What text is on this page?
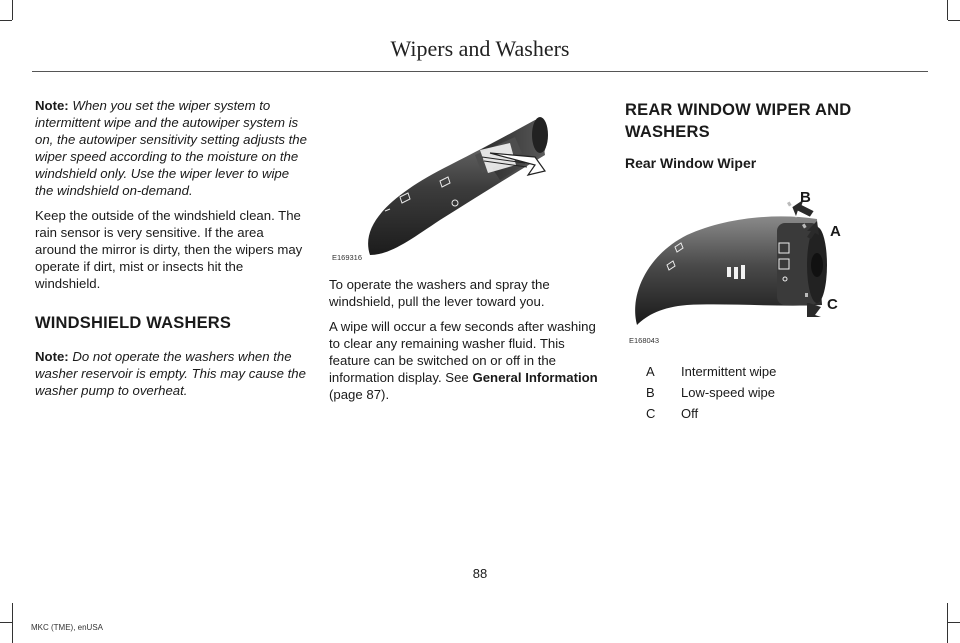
Wipers and Washers

Note: When you set the wiper system to intermittent wipe and the autowiper system is on, the autowiper sensitivity setting adjusts the wiper speed according to the moisture on the windshield only. Use the wiper lever to wipe the windshield on-demand.

Keep the outside of the windshield clean. The rain sensor is very sensitive. If the area around the mirror is dirty, then the wipers may operate if dirt, mist or insects hit the windshield.

WINDSHIELD WASHERS

Note: Do not operate the washers when the washer reservoir is empty. This may cause the washer pump to overheat.

E169316

To operate the washers and spray the windshield, pull the lever toward you.

A wipe will occur a few seconds after washing to clear any remaining washer fluid. This feature can be switched on or off in the information display. See General Information (page 87).

REAR WINDOW WIPER AND WASHERS
Rear Window Wiper
B
A
C
E168043
A Intermittent wipe
B Low-speed wipe
C Off
88
MKC (TME), enUSA
